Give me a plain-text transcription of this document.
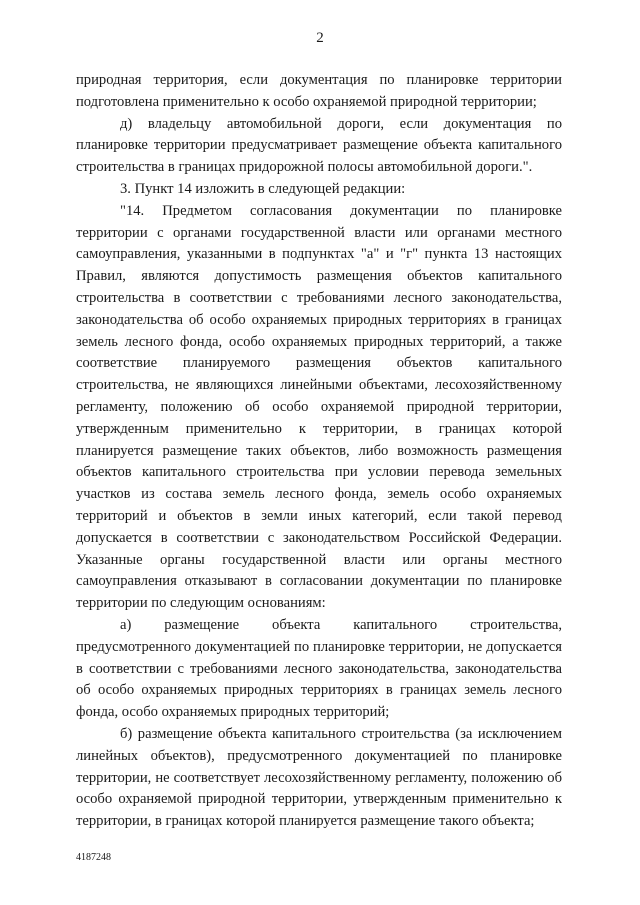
2

природная территория, если документация по планировке территории подготовлена применительно к особо охраняемой природной территории;

д) владельцу автомобильной дороги, если документация по планировке территории предусматривает размещение объекта капитального строительства в границах придорожной полосы автомобильной дороги.".

3. Пункт 14 изложить в следующей редакции:

"14. Предметом согласования документации по планировке территории с органами государственной власти или органами местного самоуправления, указанными в подпунктах "а" и "г" пункта 13 настоящих Правил, являются допустимость размещения объектов капитального строительства в соответствии с требованиями лесного законодательства, законодательства об особо охраняемых природных территориях в границах земель лесного фонда, особо охраняемых природных территорий, а также соответствие планируемого размещения объектов капитального строительства, не являющихся линейными объектами, лесохозяйственному регламенту, положению об особо охраняемой природной территории, утвержденным применительно к территории, в границах которой планируется размещение таких объектов, либо возможность размещения объектов капитального строительства при условии перевода земельных участков из состава земель лесного фонда, земель особо охраняемых территорий и объектов в земли иных категорий, если такой перевод допускается в соответствии с законодательством Российской Федерации. Указанные органы государственной власти или органы местного самоуправления отказывают в согласовании документации по планировке территории по следующим основаниям:

а) размещение объекта капитального строительства, предусмотренного документацией по планировке территории, не допускается в соответствии с требованиями лесного законодательства, законодательства об особо охраняемых природных территориях в границах земель лесного фонда, особо охраняемых природных территорий;

б) размещение объекта капитального строительства (за исключением линейных объектов), предусмотренного документацией по планировке территории, не соответствует лесохозяйственному регламенту, положению об особо охраняемой природной территории, утвержденным применительно к территории, в границах которой планируется размещение такого объекта;

4187248
